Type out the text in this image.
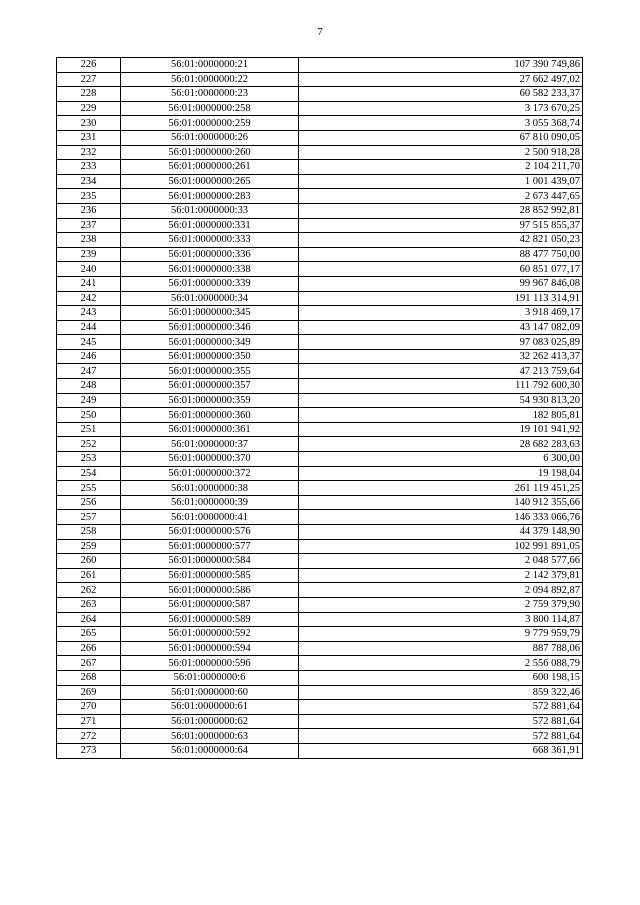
7
226	56:01:0000000:21	107 390 749,86
227	56:01:0000000:22	27 662 497,02
228	56:01:0000000:23	60 582 233,37
229	56:01:0000000:258	3 173 670,25
230	56:01:0000000:259	3 055 368,74
231	56:01:0000000:26	67 810 090,05
232	56:01:0000000:260	2 500 918,28
233	56:01:0000000:261	2 104 211,70
234	56:01:0000000:265	1 001 439,07
235	56:01:0000000:283	2 673 447,65
236	56:01:0000000:33	28 852 992,81
237	56:01:0000000:331	97 515 855,37
238	56:01:0000000:333	42 821 050,23
239	56:01:0000000:336	88 477 750,00
240	56:01:0000000:338	60 851 077,17
241	56:01:0000000:339	99 967 846,08
242	56:01:0000000:34	191 113 314,91
243	56:01:0000000:345	3 918 469,17
244	56:01:0000000:346	43 147 082,09
245	56:01:0000000:349	97 083 025,89
246	56:01:0000000:350	32 262 413,37
247	56:01:0000000:355	47 213 759,64
248	56:01:0000000:357	111 792 600,30
249	56:01:0000000:359	54 930 813,20
250	56:01:0000000:360	182 805,81
251	56:01:0000000:361	19 101 941,92
252	56:01:0000000:37	28 682 283,63
253	56:01:0000000:370	6 300,00
254	56:01:0000000:372	19 198,04
255	56:01:0000000:38	261 119 451,25
256	56:01:0000000:39	140 912 355,66
257	56:01:0000000:41	146 333 066,76
258	56:01:0000000:576	44 379 148,90
259	56:01:0000000:577	102 991 891,05
260	56:01:0000000:584	2 048 577,66
261	56:01:0000000:585	2 142 379,81
262	56:01:0000000:586	2 094 892,87
263	56:01:0000000:587	2 759 379,90
264	56:01:0000000:589	3 800 114,87
265	56:01:0000000:592	9 779 959,79
266	56:01:0000000:594	887 788,06
267	56:01:0000000:596	2 556 088,79
268	56:01:0000000:6	600 198,15
269	56:01:0000000:60	859 322,46
270	56:01:0000000:61	572 881,64
271	56:01:0000000:62	572 881,64
272	56:01:0000000:63	572 881,64
273	56:01:0000000:64	668 361,91
